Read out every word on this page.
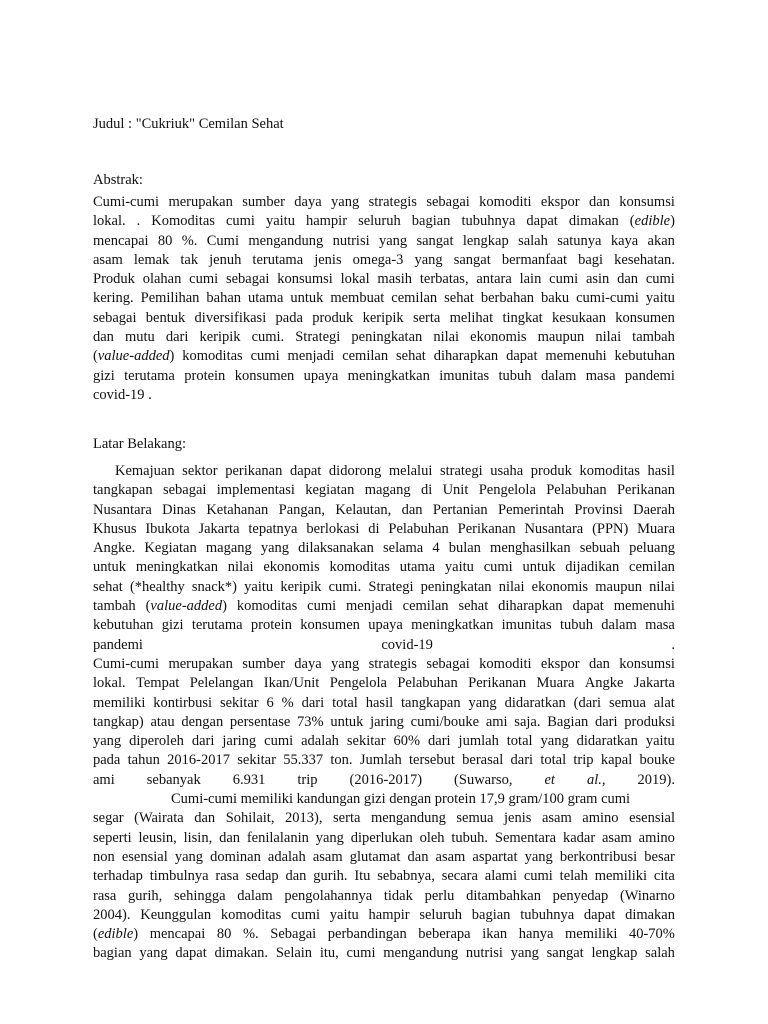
Judul : "Cukriuk" Cemilan Sehat
Abstrak:
Cumi-cumi merupakan sumber daya yang strategis sebagai komoditi ekspor dan konsumsi
lokal. . Komoditas cumi yaitu hampir seluruh bagian tubuhnya dapat dimakan (edible)
mencapai 80 %. Cumi mengandung nutrisi yang sangat lengkap salah satunya kaya akan
asam lemak tak jenuh terutama jenis omega-3 yang sangat bermanfaat bagi kesehatan.
Produk olahan cumi sebagai konsumsi lokal masih terbatas, antara lain cumi asin dan cumi
kering. Pemilihan bahan utama untuk membuat cemilan sehat berbahan baku cumi-cumi yaitu
sebagai bentuk diversifikasi pada produk keripik serta melihat tingkat kesukaan konsumen
dan mutu dari keripik cumi. Strategi peningkatan nilai ekonomis maupun nilai tambah
(value-added) komoditas cumi menjadi cemilan sehat diharapkan dapat memenuhi kebutuhan
gizi terutama protein konsumen upaya meningkatkan imunitas tubuh dalam masa pandemi
covid-19 .
Latar Belakang:
Kemajuan sektor perikanan dapat didorong melalui strategi usaha produk komoditas hasil
tangkapan sebagai implementasi kegiatan magang di Unit Pengelola Pelabuhan Perikanan
Nusantara Dinas Ketahanan Pangan, Kelautan, dan Pertanian Pemerintah Provinsi Daerah
Khusus Ibukota Jakarta tepatnya berlokasi di Pelabuhan Perikanan Nusantara (PPN) Muara
Angke. Kegiatan magang yang dilaksanakan selama 4 bulan menghasilkan sebuah peluang
untuk meningkatkan nilai ekonomis komoditas utama yaitu cumi untuk dijadikan cemilan
sehat (*healthy snack*) yaitu keripik cumi. Strategi peningkatan nilai ekonomis maupun nilai
tambah (value-added) komoditas cumi menjadi cemilan sehat diharapkan dapat memenuhi
kebutuhan gizi terutama protein konsumen upaya meningkatkan imunitas tubuh dalam masa
pandemi	covid-19	.
Cumi-cumi merupakan sumber daya yang strategis sebagai komoditi ekspor dan konsumsi
lokal. Tempat Pelelangan Ikan/Unit Pengelola Pelabuhan Perikanan Muara Angke Jakarta
memiliki kontirbusi sekitar 6 % dari total hasil tangkapan yang didaratkan (dari semua alat
tangkap) atau dengan persentase 73% untuk jaring cumi/bouke ami saja. Bagian dari produksi
yang diperoleh dari jaring cumi adalah sekitar 60% dari jumlah total yang didaratkan yaitu
pada tahun 2016-2017 sekitar 55.337 ton. Jumlah tersebut berasal dari total trip kapal bouke
ami sebanyak 6.931 trip (2016-2017) (Suwarso, et al., 2019).
Cumi-cumi memiliki kandungan gizi dengan protein 17,9 gram/100 gram cumi
segar (Wairata dan Sohilait, 2013), serta mengandung semua jenis asam amino esensial
seperti leusin, lisin, dan fenilalanin yang diperlukan oleh tubuh. Sementara kadar asam amino
non esensial yang dominan adalah asam glutamat dan asam aspartat yang berkontribusi besar
terhadap timbulnya rasa sedap dan gurih. Itu sebabnya, secara alami cumi telah memiliki cita
rasa gurih, sehingga dalam pengolahannya tidak perlu ditambahkan penyedap (Winarno
2004). Keunggulan komoditas cumi yaitu hampir seluruh bagian tubuhnya dapat dimakan
(edible) mencapai 80 %. Sebagai perbandingan beberapa ikan hanya memiliki 40-70%
bagian yang dapat dimakan. Selain itu, cumi mengandung nutrisi yang sangat lengkap salah
